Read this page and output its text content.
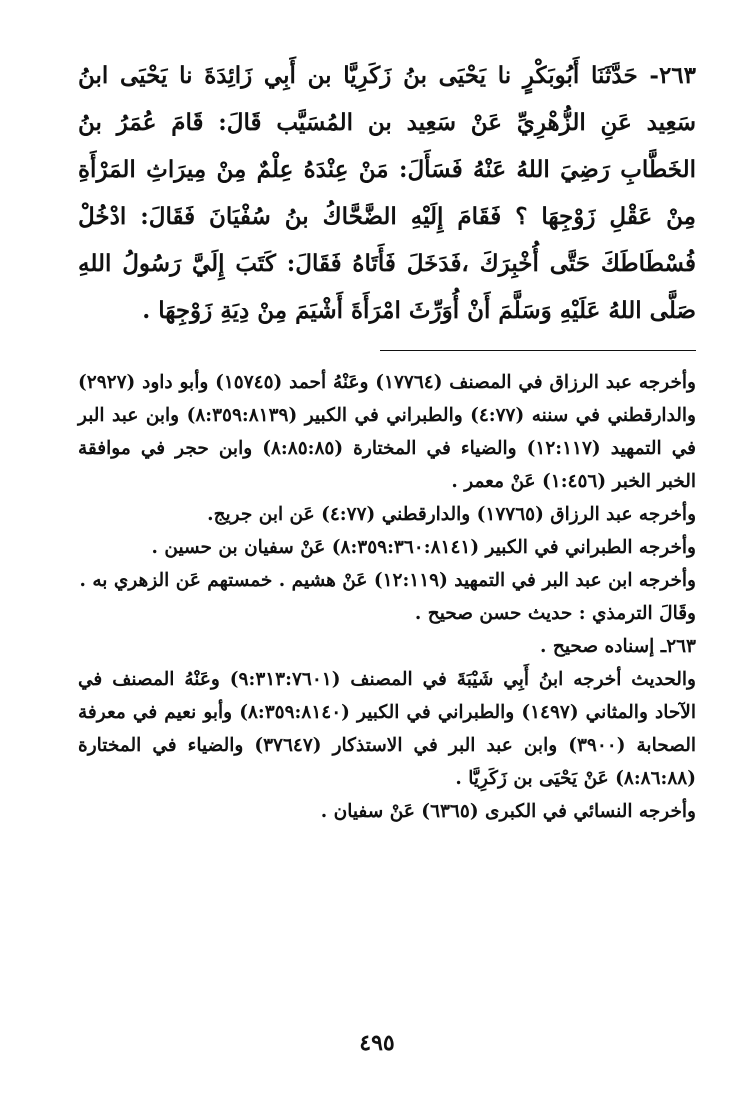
٢٦٣- حَدَّثَنَا أَبُوبَكْرٍ نا يَحْيَى بنُ زَكَرِيَّا بن أَبِي زَائِدَةَ نا يَحْيَى ابنُ سَعِيد عَنِ الزُّهْرِيِّ عَنْ سَعِيد بن المُسَيَّب قَالَ: قَامَ عُمَرُ بنُ الخَطَّابِ رَضِيَ اللهُ عَنْهُ فَسَأَلَ: مَنْ عِنْدَهُ عِلْمٌ مِنْ مِيرَاثِ المَرْأَةِ مِنْ عَقْلِ زَوْجِهَا ؟ فَقَامَ إِلَيْهِ الضَّحَّاكُ بنُ سُفْيَانَ فَقَالَ: ادْخُلْ فُسْطَاطَكَ حَتَّى أُخْبِرَكَ ،فَدَخَلَ فَأَتَاهُ فَقَالَ: كَتَبَ إِلَيَّ رَسُولُ اللهِ صَلَّى اللهُ عَلَيْهِ وَسَلَّمَ أَنْ أُوَرِّثَ امْرَأَةَ أَشْيَمَ مِنْ دِيَةِ زَوْجِهَا .

وأخرجه عبد الرزاق في المصنف (١٧٧٦٤) وعَنْهُ أحمد (١٥٧٤٥) وأبو داود (٢٩٢٧) والدارقطني في سننه (٤:٧٧) والطبراني في الكبير (٨:٣٥٩:٨١٣٩) وابن عبد البر في التمهيد (١٢:١١٧) والضياء في المختارة (٨:٨٥:٨٥) وابن حجر في موافقة الخبر الخبر (١:٤٥٦) عَنْ معمر .

وأخرجه عبد الرزاق (١٧٧٦٥) والدارقطني (٤:٧٧) عَن ابن جريج.

وأخرجه الطبراني في الكبير (٨:٣٥٩:٣٦٠:٨١٤١) عَنْ سفيان بن حسين .

وأخرجه ابن عبد البر في التمهيد (١٢:١١٩) عَنْ هشيم . خمستهم عَن الزهري به .

وقَالَ الترمذي : حديث حسن صحيح .

٢٦٣ـ إسناده صحيح .

والحديث أخرجه ابنُ أَبِي شَيْبَةَ في المصنف (٩:٣١٣:٧٦٠١) وعَنْهُ المصنف في الآحاد والمثاني (١٤٩٧) والطبراني في الكبير (٨:٣٥٩:٨١٤٠) وأبو نعيم في معرفة الصحابة (٣٩٠٠) وابن عبد البر في الاستذكار (٣٧٦٤٧) والضياء في المختارة (٨:٨٦:٨٨) عَنْ يَحْيَى بن زَكَرِيَّا .

وأخرجه النسائي في الكبرى (٦٣٦٥) عَنْ سفيان .

٤٩٥
